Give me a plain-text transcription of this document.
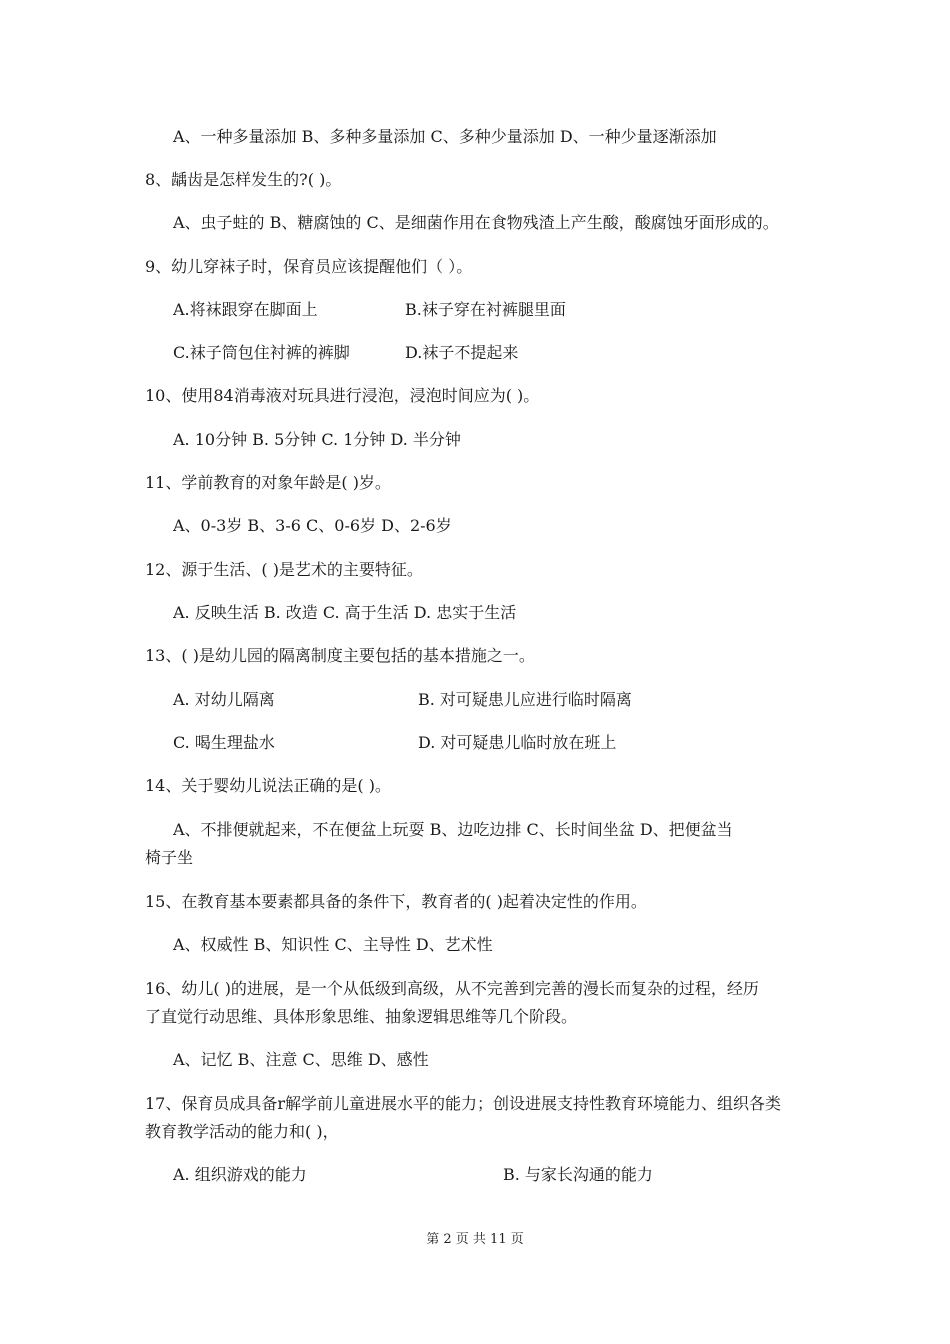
A、一种多量添加 B、多种多量添加 C、多种少量添加 D、一种少量逐渐添加
8、龋齿是怎样发生的?( )。
A、虫子蛀的 B、糖腐蚀的 C、是细菌作用在食物残渣上产生酸，酸腐蚀牙面形成的。
9、幼儿穿袜子时，保育员应该提醒他们（ ）。
A.将袜跟穿在脚面上	B.袜子穿在衬裤腿里面
C.袜子筒包住衬裤的裤脚	D.袜子不提起来
10、使用84消毒液对玩具进行浸泡，浸泡时间应为( )。
A. 10分钟 B. 5分钟 C. 1分钟 D. 半分钟
11、学前教育的对象年龄是( )岁。
A、0-3岁 B、3-6 C、0-6岁 D、2-6岁
12、源于生活、( )是艺术的主要特征。
A. 反映生活 B. 改造 C. 高于生活 D. 忠实于生活
13、( )是幼儿园的隔离制度主要包括的基本措施之一。
A. 对幼儿隔离	B. 对可疑患儿应进行临时隔离
C. 喝生理盐水	D. 对可疑患儿临时放在班上
14、关于婴幼儿说法正确的是( )。
A、不排便就起来，不在便盆上玩耍 B、边吃边排 C、长时间坐盆 D、把便盆当
椅子坐
15、在教育基本要素都具备的条件下，教育者的( )起着决定性的作用。
A、权威性 B、知识性 C、主导性 D、艺术性
16、幼儿( )的进展，是一个从低级到高级，从不完善到完善的漫长而复杂的过程，经历
了直觉行动思维、具体形象思维、抽象逻辑思维等几个阶段。
A、记忆 B、注意 C、思维 D、感性
17、保育员成具备r解学前儿童进展水平的能力；创设进展支持性教育环境能力、组织各类
教育教学活动的能力和( )，
A. 组织游戏的能力	B. 与家长沟通的能力
第 2 页 共 11 页
